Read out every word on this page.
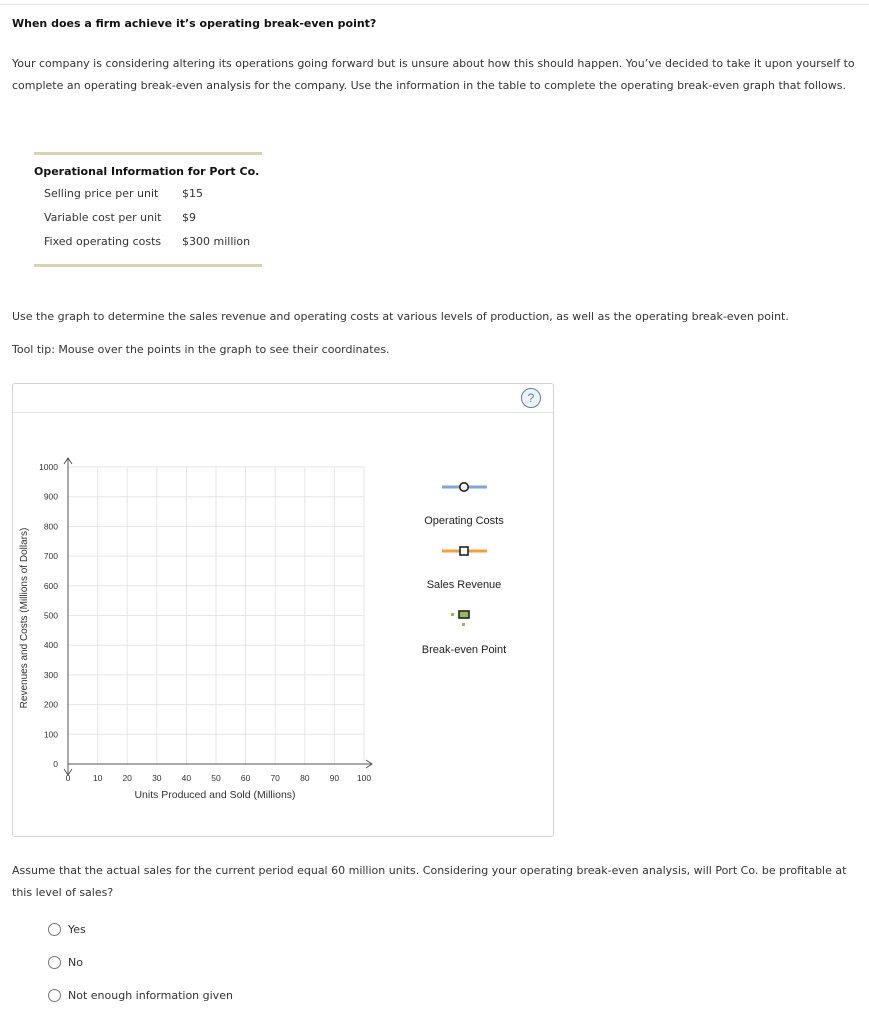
When does a firm achieve it’s operating break-even point?
Your company is considering altering its operations going forward but is unsure about how this should happen. You’ve decided to take it upon yourself to complete an operating break-even analysis for the company. Use the information in the table to complete the operating break-even graph that follows.
Operational Information for Port Co.
Selling price per unit $15
Variable cost per unit $9
Fixed operating costs $300 million
Use the graph to determine the sales revenue and operating costs at various levels of production, as well as the operating break-even point.
Tool tip: Mouse over the points in the graph to see their coordinates.
?
0
100
200
300
400
500
600
700
800
900
1000
0	10 20 30 40 50 60 70 80 90 100
Revenues and Costs (Millions of Dollars)
Units Produced and Sold (Millions)
Operating Costs
Sales Revenue
Break-even Point
Assume that the actual sales for the current period equal 60 million units. Considering your operating break-even analysis, will Port Co. be profitable at this level of sales?
Yes
No
Not enough information given
